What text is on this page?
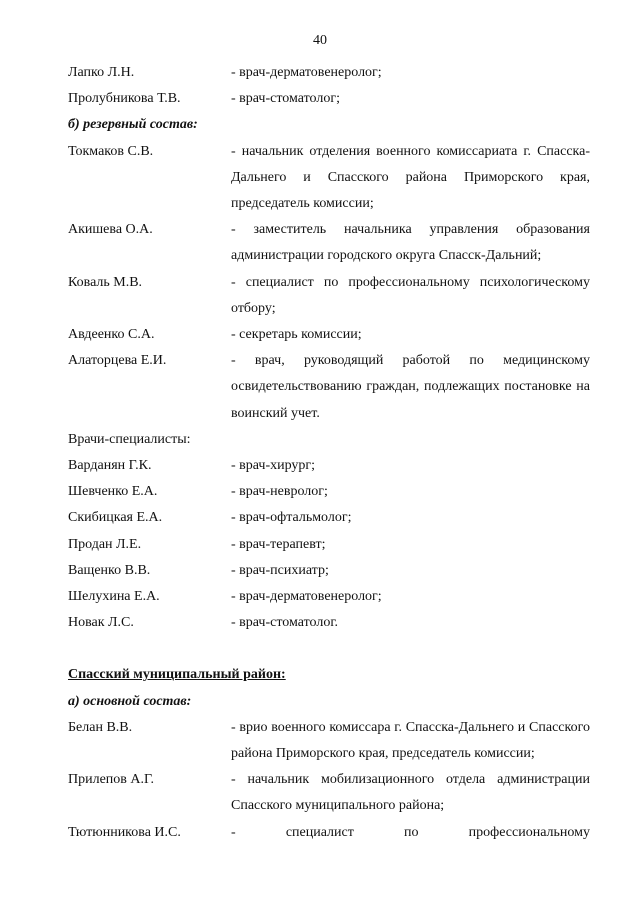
40
Лапко Л.Н.	- врач-дерматовенеролог;
Пролубникова Т.В.	- врач-стоматолог;
б) резервный состав:
Токмаков С.В.	- начальник отделения военного комиссариата г. Спасска-Дальнего и Спасского района Приморского края, председатель комиссии;
Акишева О.А.	- заместитель начальника управления образования администрации городского округа Спасск-Дальний;
Коваль М.В.	- специалист по профессиональному психологическому отбору;
Авдеенко С.А.	- секретарь комиссии;
Алаторцева Е.И.	- врач, руководящий работой по медицинскому освидетельствованию граждан, подлежащих постановке на воинский учет.
Врачи-специалисты:
Варданян Г.К.	- врач-хирург;
Шевченко Е.А.	- врач-невролог;
Скибицкая Е.А.	- врач-офтальмолог;
Продан Л.Е.	- врач-терапевт;
Ващенко В.В.	- врач-психиатр;
Шелухина Е.А.	- врач-дерматовенеролог;
Новак Л.С.	- врач-стоматолог.
Спасский муниципальный район:
а) основной состав:
Белан В.В.	- врио военного комиссара г. Спасска-Дальнего и Спасского района Приморского края, председатель комиссии;
Прилепов А.Г.	- начальник мобилизационного отдела администрации Спасского муниципального района;
Тютюнникова И.С.	- специалист по профессиональному
